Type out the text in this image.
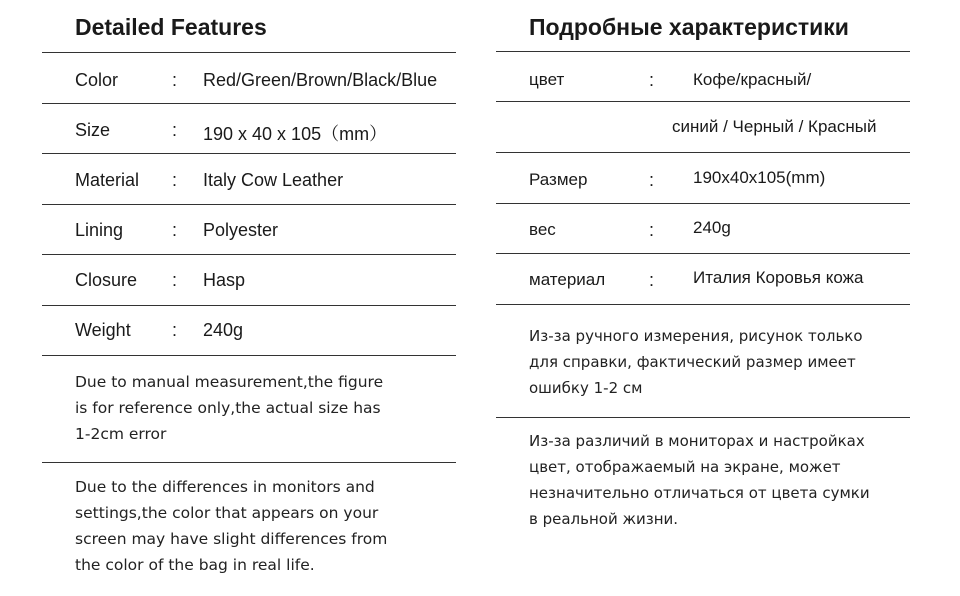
Detailed Features
Color	: Red/Green/Brown/Black/Blue
Size	: 190 x 40 x 105（mm）
Material : Italy Cow Leather
Lining	: Polyester
Closure : Hasp
Weight : 240g
Due to manual measurement,the figure
is for reference only,the actual size has
1-2cm error
Due to the differences in monitors and
settings,the color that appears on your
screen may have slight differences from
the color of the bag in real life.
Подробные характеристики
цвет	: Кофе/красный/
синий / Черный / Красный
Размер	: 190x40x105(mm)
вес	: 240g
материал : Италия Коровья кожа
Из-за ручного измерения, рисунок только
для справки, фактический размер имеет
ошибку 1-2 см
Из-за различий в мониторах и настройках
цвет, отображаемый на экране, может
незначительно отличаться от цвета сумки
в реальной жизни.
